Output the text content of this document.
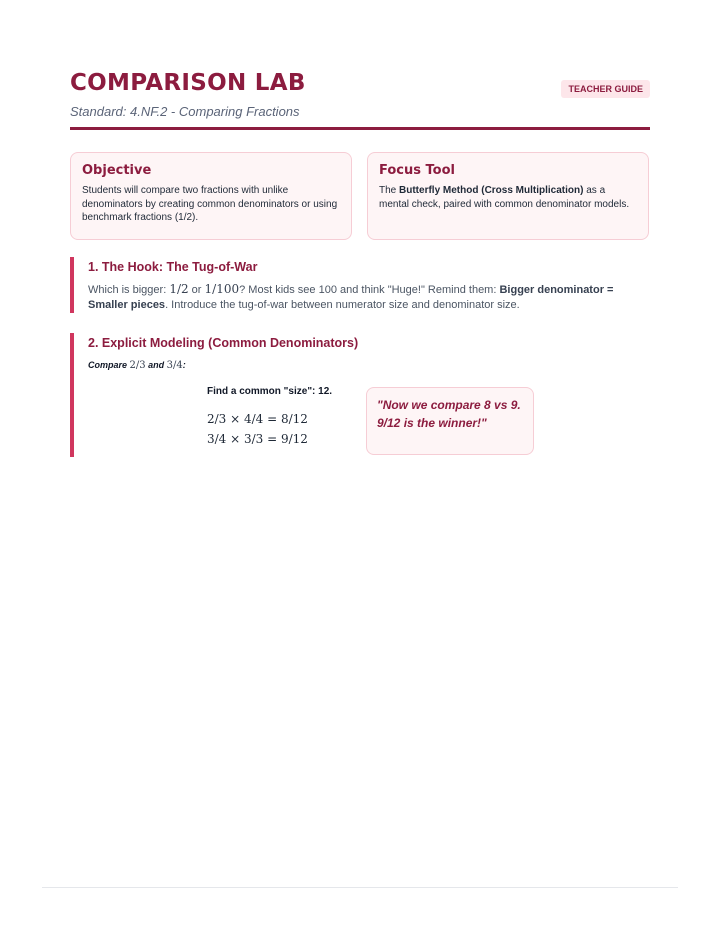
COMPARISON LAB	TEACHER GUIDE
Standard: 4.NF.2 - Comparing Fractions
Objective

Students will compare two fractions with unlike denominators by creating common denominators or using benchmark fractions (1/2).

Focus Tool

The Butterfly Method (Cross Multiplication) as a mental check, paired with common denominator models.

1. The Hook: The Tug-of-War

Which is bigger: 1/2 or 1/100? Most kids see 100 and think "Huge!" Remind them: Bigger denominator = Smaller pieces. Introduce the tug-of-war between numerator size and denominator size.

2. Explicit Modeling (Common Denominators)

Compare 2/3 and 3/4:

Find a common "size": 12.

2/3 × 4/4 = 8/12

3/4 × 3/3 = 9/12

"Now we compare 8 vs 9. 9/12 is the winner!"
